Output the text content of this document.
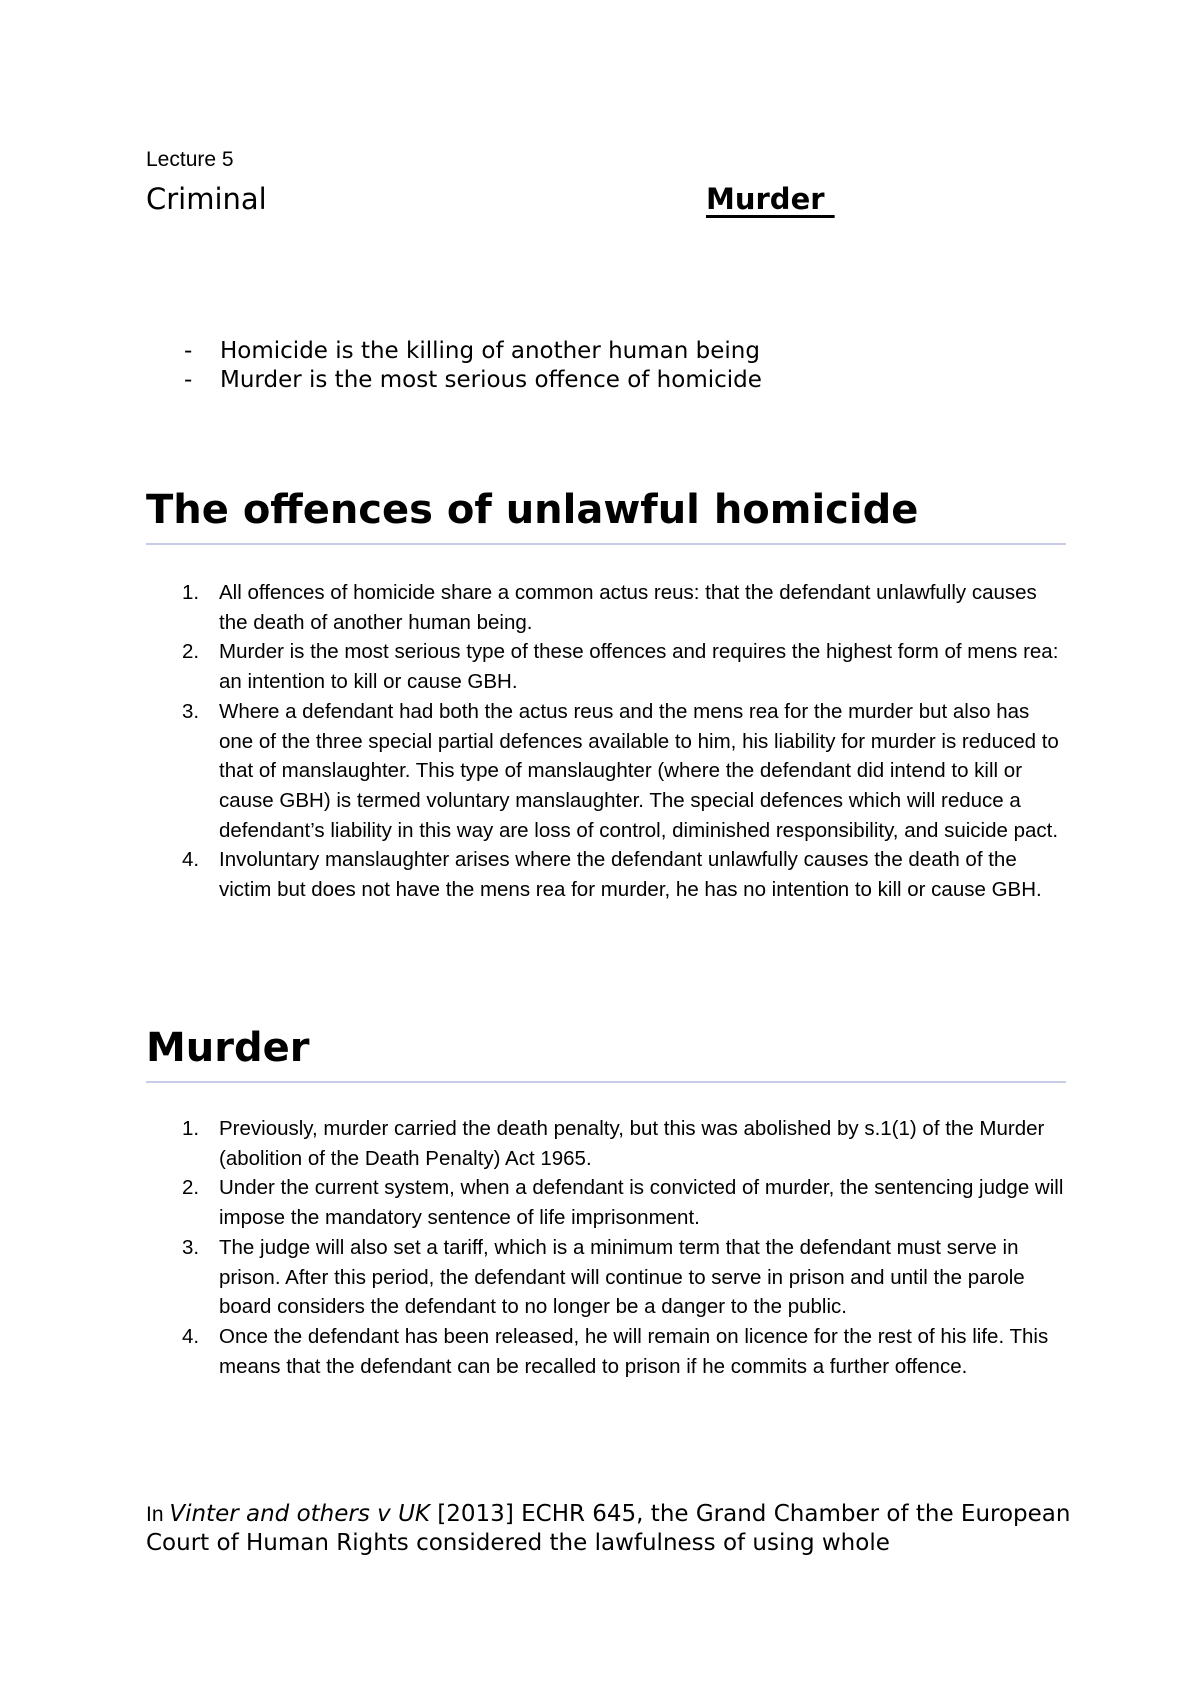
Lecture 5
Criminal	Murder
- Homicide is the killing of another human being
- Murder is the most serious offence of homicide
The offences of unlawful homicide
1. All offences of homicide share a common actus reus: that the defendant unlawfully causes the death of another human being.
2. Murder is the most serious type of these offences and requires the highest form of mens rea: an intention to kill or cause GBH.
3. Where a defendant had both the actus reus and the mens rea for the murder but also has one of the three special partial defences available to him, his liability for murder is reduced to that of manslaughter. This type of manslaughter (where the defendant did intend to kill or cause GBH) is termed voluntary manslaughter. The special defences which will reduce a defendant’s liability in this way are loss of control, diminished responsibility, and suicide pact.
4. Involuntary manslaughter arises where the defendant unlawfully causes the death of the victim but does not have the mens rea for murder, he has no intention to kill or cause GBH.
Murder
1. Previously, murder carried the death penalty, but this was abolished by s.1(1) of the Murder (abolition of the Death Penalty) Act 1965.
2. Under the current system, when a defendant is convicted of murder, the sentencing judge will impose the mandatory sentence of life imprisonment.
3. The judge will also set a tariff, which is a minimum term that the defendant must serve in prison. After this period, the defendant will continue to serve in prison and until the parole board considers the defendant to no longer be a danger to the public.
4. Once the defendant has been released, he will remain on licence for the rest of his life. This means that the defendant can be recalled to prison if he commits a further offence.

In Vinter and others v UK [2013] ECHR 645, the Grand Chamber of the European Court of Human Rights considered the lawfulness of using whole
